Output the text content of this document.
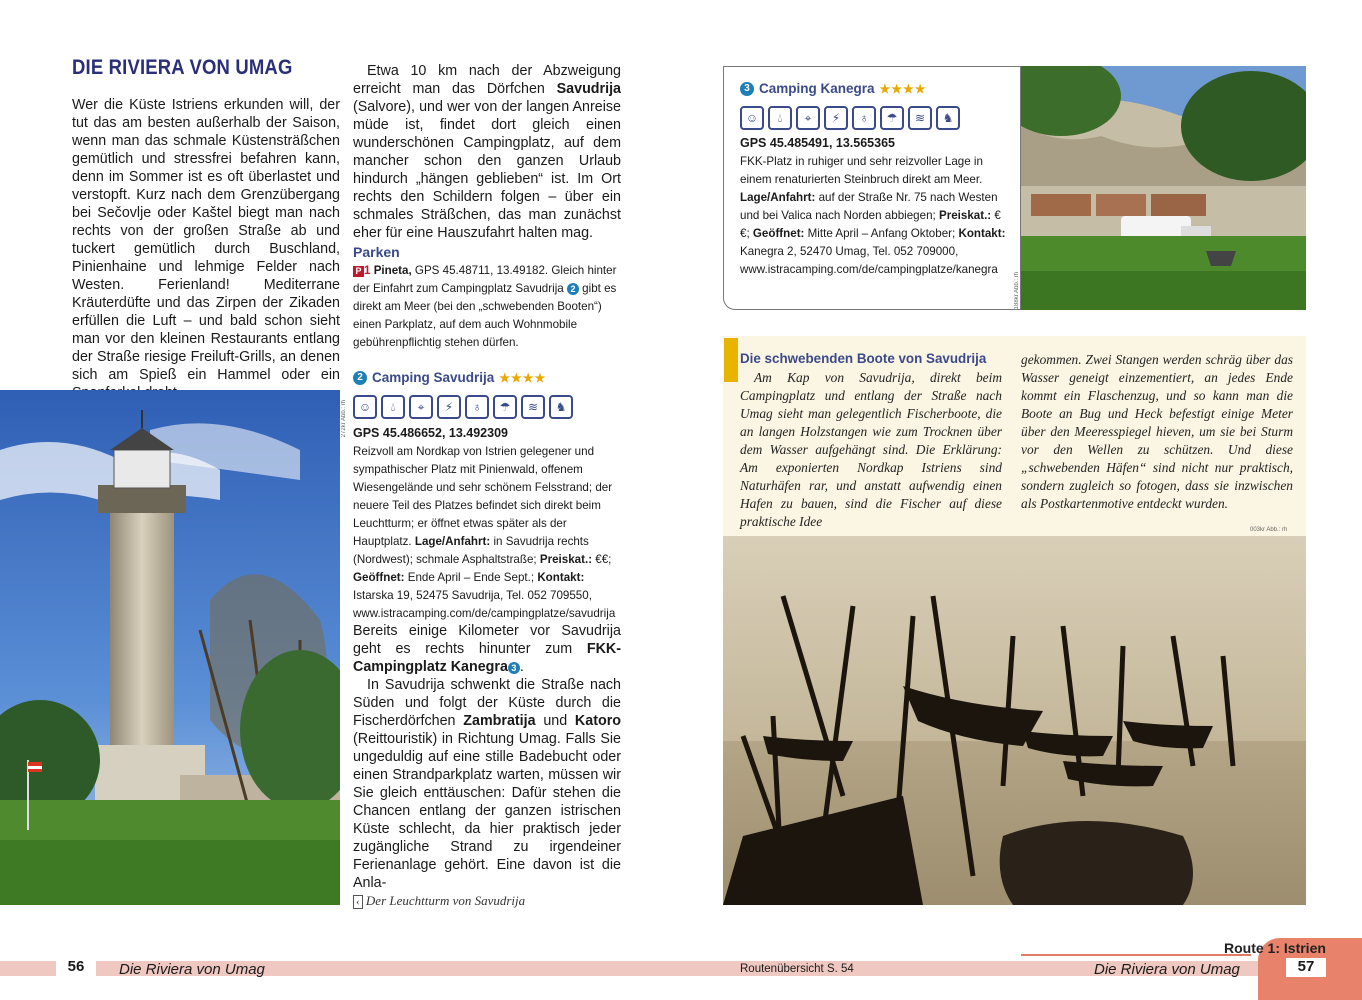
DIE RIVIERA VON UMAG
Wer die Küste Istriens erkunden will, der tut das am besten außerhalb der Saison, wenn man das schmale Küstensträßchen gemütlich und stressfrei befahren kann, denn im Sommer ist es oft überlastet und verstopft. Kurz nach dem Grenzübergang bei Sečovlje oder Kaštel biegt man nach rechts von der großen Straße ab und tuckert gemütlich durch Buschland, Pinienhaine und lehmige Felder nach Westen. Ferienland! Mediterrane Kräuterdüfte und das Zirpen der Zikaden erfüllen die Luft – und bald schon sieht man vor den kleinen Restaurants entlang der Straße riesige Freiluft-Grills, an denen sich am Spieß ein Hammel oder ein
Etwa 10 km nach der Abzweigung erreicht man das Dörfchen Savudrija (Salvore), und wer von der langen Anreise müde ist, findet dort gleich einen wunderschönen Campingplatz, auf dem mancher schon den ganzen Urlaub hindurch „hängen geblieben“ ist. Im Ort rechts den Schildern folgen – über ein schmales Sträßchen, das man zunächst eher für eine Hauszufahrt halten mag.
Parken
P 1 Pineta, GPS 45.48711, 13.49182. Gleich hinter der Einfahrt zum Campingplatz Savudrija 2 gibt es direkt am Meer (bei den „schwebenden Booten“) einen Parkplatz, auf dem auch Wohnmobile gebührenpflichtig stehen dürfen.
2 Camping Savudrija ★★★★
☺	💧︎	⌖	⚡︎	♁	☂	≋	♞
GPS 45.486652, 13.492309
Reizvoll am Nordkap von Istrien gelegener und sympathischer Platz mit Pinienwald, offenem Wiesengelände und sehr schönem Felsstrand; der neuere Teil des Platzes befindet sich direkt beim Leuchtturm; er öffnet etwas später als der Hauptplatz. Lage/Anfahrt: in Savudrija rechts (Nordwest); schmale Asphaltstraße; Preiskat.: €€; Geöffnet: Ende April – Ende Sept.; Kontakt: Istarska 19, 52475 Savudrija, Tel. 052 709550, www.istracamping.com/de/campingplatze/savudrija
Bereits einige Kilometer vor Savudrija geht es rechts hinunter zum FKK-Campingplatz Kanegra 3 .
In Savudrija schwenkt die Straße nach Süden und folgt der Küste durch die Fischerdörfchen Zambratija und Katoro (Reittouristik) in Richtung Umag. Falls Sie ungeduldig auf eine stille Badebucht oder einen Strandparkplatz warten, müssen wir Sie gleich enttäuschen: Dafür stehen die Chancen entlang der ganzen istrischen Küste schlecht, da hier praktisch jeder zugängliche Strand zu irgendeiner Ferienanlage gehört. Eine davon ist die Anla-
272kr Abb.: rh
‹ Der Leuchtturm von Savudrija
56	Die Riviera von Umag
3 Camping Kanegra ★★★★
☺	💧︎	⌖	⚡︎	♁	☂	≋	♞
GPS 45.485491, 13.565365
FKK-Platz in ruhiger und sehr reizvoller Lage in einem renaturierten Steinbruch direkt am Meer. Lage/Anfahrt: auf der Straße Nr. 75 nach Westen und bei Valica nach Norden abbiegen; Preiskat.: €€; Geöffnet: Mitte April – Anfang Oktober; Kontakt: Kanegra 2, 52470 Umag, Tel. 052 709000, www.istracamping.com/de/campingplatze/kanegra
188kr Abb.: rh
Die schwebenden Boote von Savudrija
Am Kap von Savudrija, direkt beim Campingplatz und entlang der Straße nach Umag sieht man gelegentlich Fischerboote, die an langen Holzstangen wie zum Trocknen über dem Wasser aufgehängt sind. Die Erklärung: Am exponierten Nordkap Istriens sind Naturhäfen rar, und anstatt aufwendig einen Hafen zu bauen, sind die Fischer auf diese praktische Idee
gekommen. Zwei Stangen werden schräg über das Wasser geneigt einzementiert, an jedes Ende kommt ein Flaschenzug, und so kann man die Boote an Bug und Heck befestigt einige Meter über den Meeresspiegel hieven, um sie bei Sturm vor den Wellen zu schützen. Und diese „schwebenden Häfen“ sind nicht nur praktisch, sondern zugleich so fotogen, dass sie inzwischen als Postkartenmotive entdeckt wurden.
003kr Abb.: rh
Route 1: Istrien
57
Routenübersicht S. 54	Die Riviera von Umag
